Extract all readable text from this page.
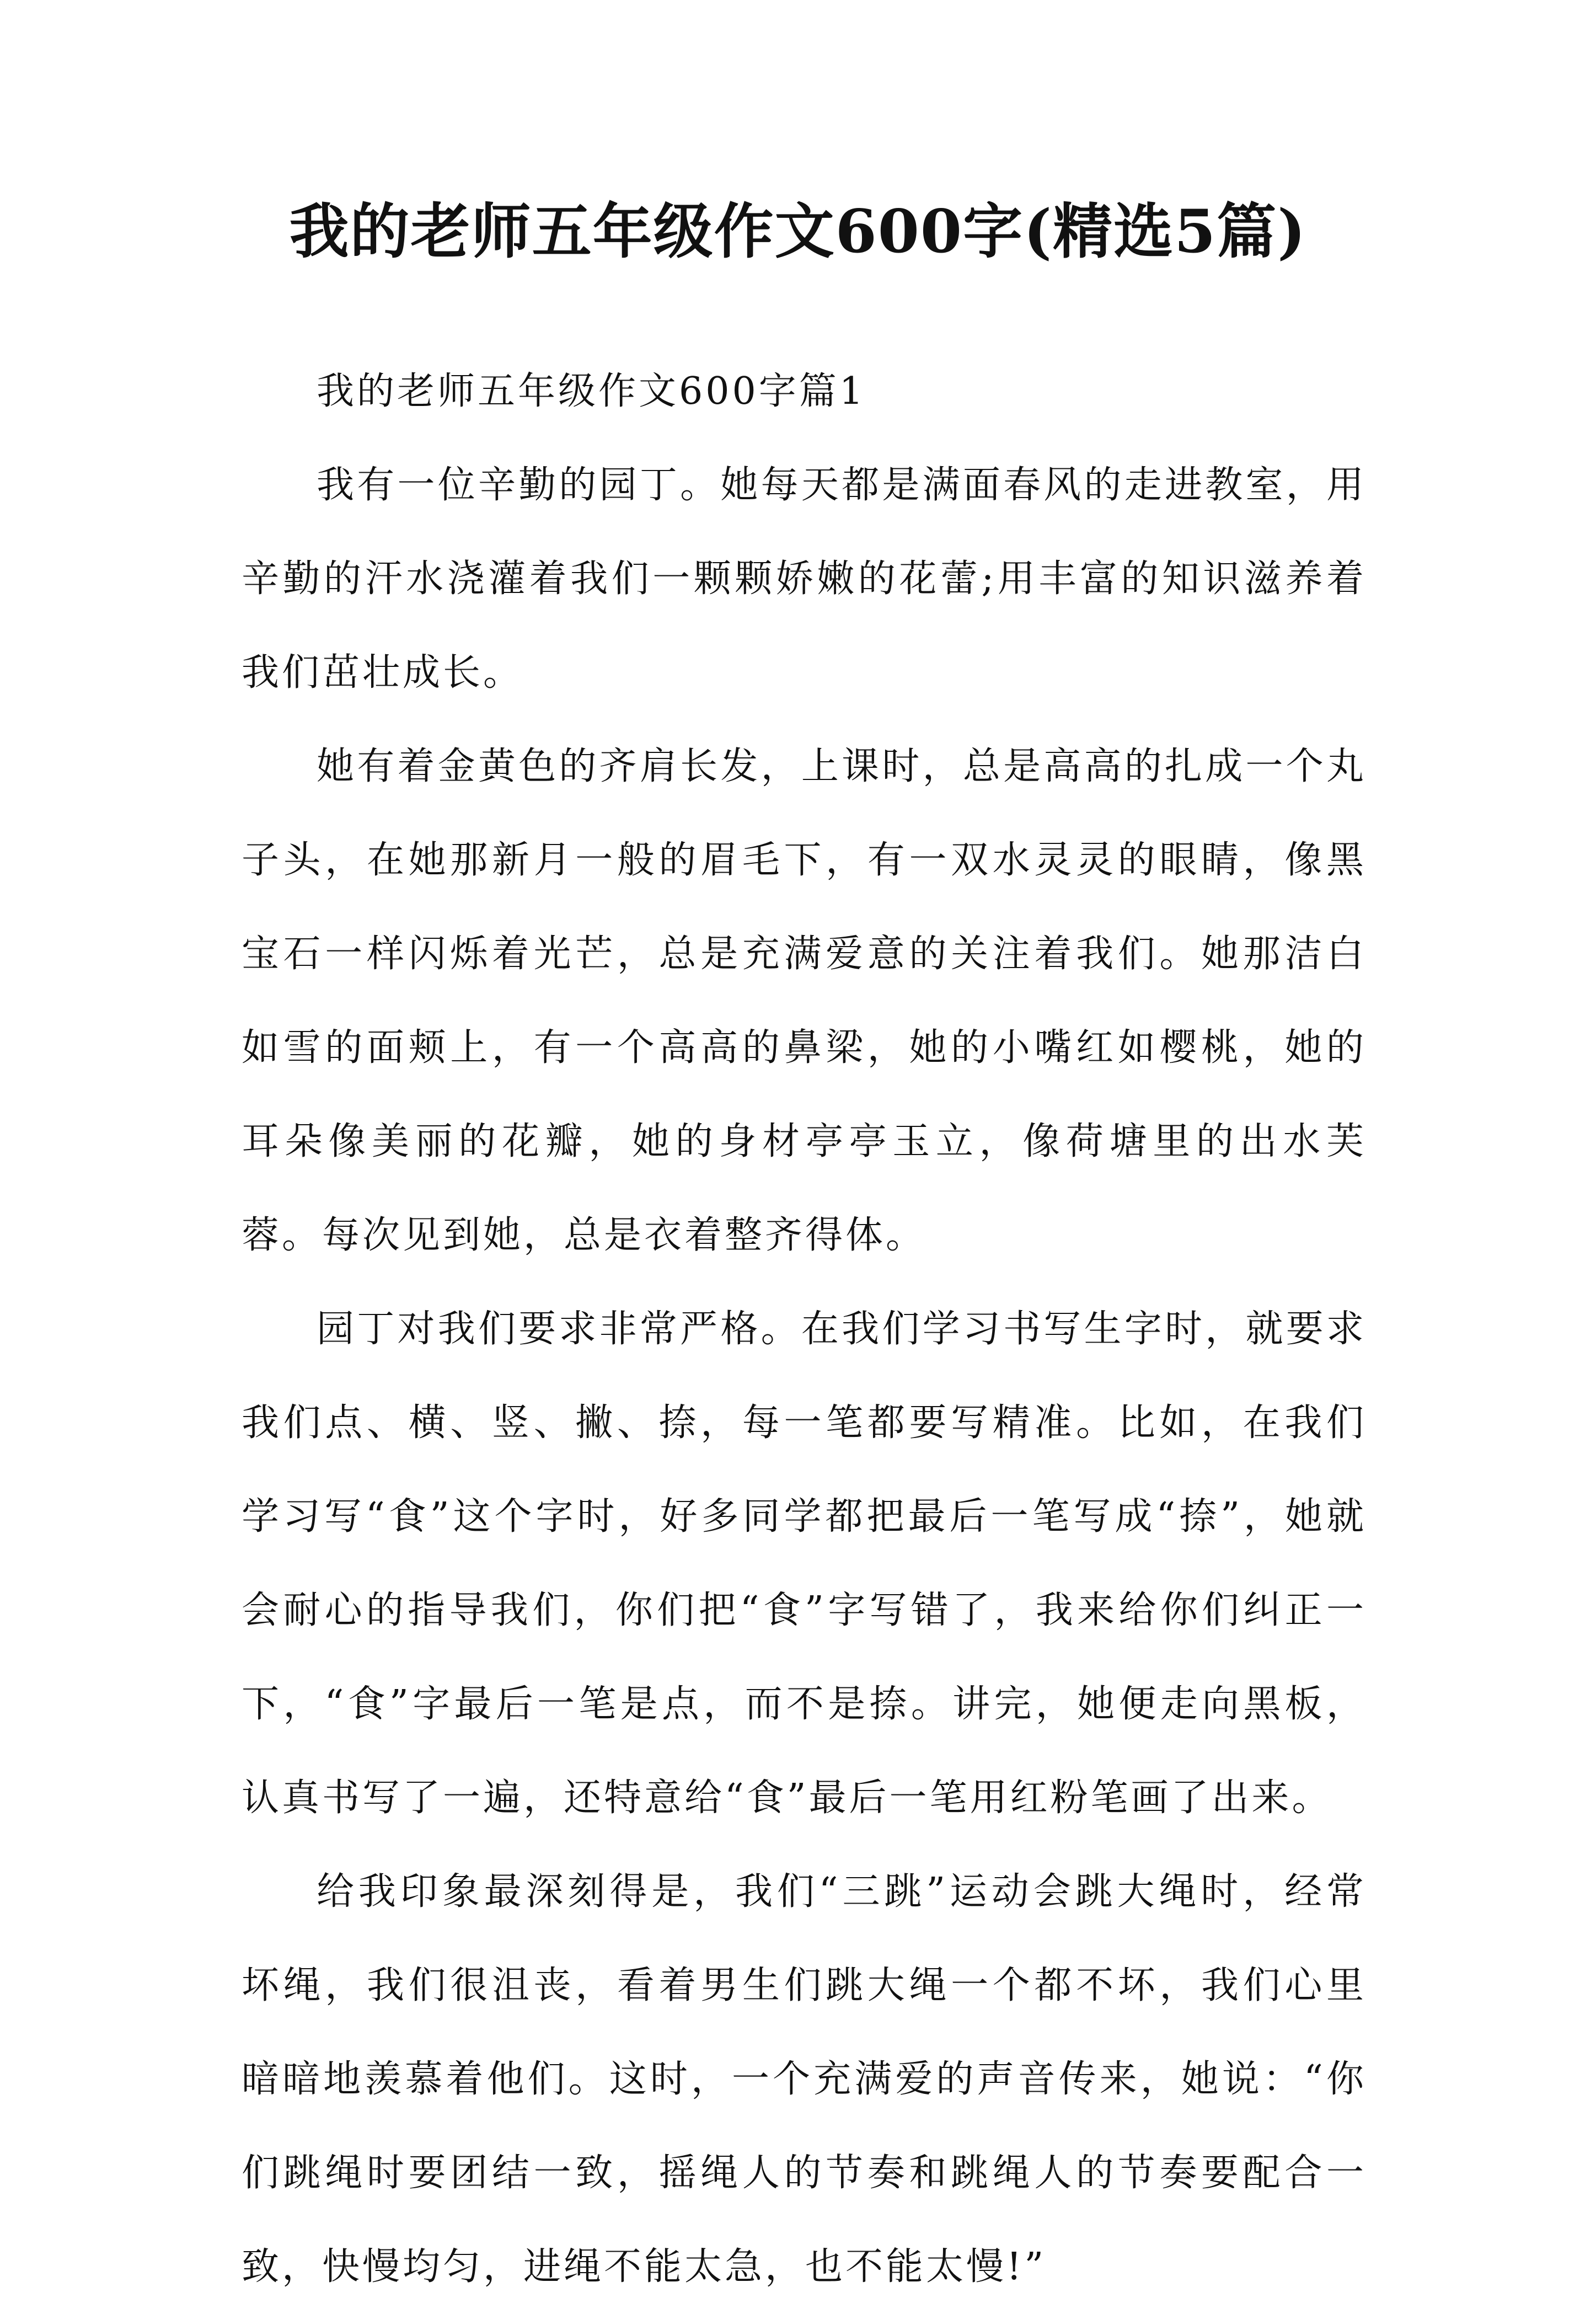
我的老师五年级作文600字(精选5篇)

我的老师五年级作文600字篇1

我有一位辛勤的园丁。她每天都是满面春风的走进教室，用辛勤的汗水浇灌着我们一颗颗娇嫩的花蕾;用丰富的知识滋养着我们茁壮成长。

她有着金黄色的齐肩长发，上课时，总是高高的扎成一个丸子头，在她那新月一般的眉毛下，有一双水灵灵的眼睛，像黑宝石一样闪烁着光芒，总是充满爱意的关注着我们。她那洁白如雪的面颊上，有一个高高的鼻梁，她的小嘴红如樱桃，她的耳朵像美丽的花瓣，她的身材亭亭玉立，像荷塘里的出水芙蓉。每次见到她，总是衣着整齐得体。

园丁对我们要求非常严格。在我们学习书写生字时，就要求我们点、横、竖、撇、捺，每一笔都要写精准。比如，在我们学习写“食”这个字时，好多同学都把最后一笔写成“捺”，她就会耐心的指导我们，你们把“食”字写错了，我来给你们纠正一下，“食”字最后一笔是点，而不是捺。讲完，她便走向黑板，认真书写了一遍，还特意给“食”最后一笔用红粉笔画了出来。

给我印象最深刻得是，我们“三跳”运动会跳大绳时，经常坏绳，我们很沮丧，看着男生们跳大绳一个都不坏，我们心里暗暗地羡慕着他们。这时，一个充满爱的声音传来，她说：“你们跳绳时要团结一致，摇绳人的节奏和跳绳人的节奏要配合一致，快慢均匀，进绳不能太急，也不能太慢!”
